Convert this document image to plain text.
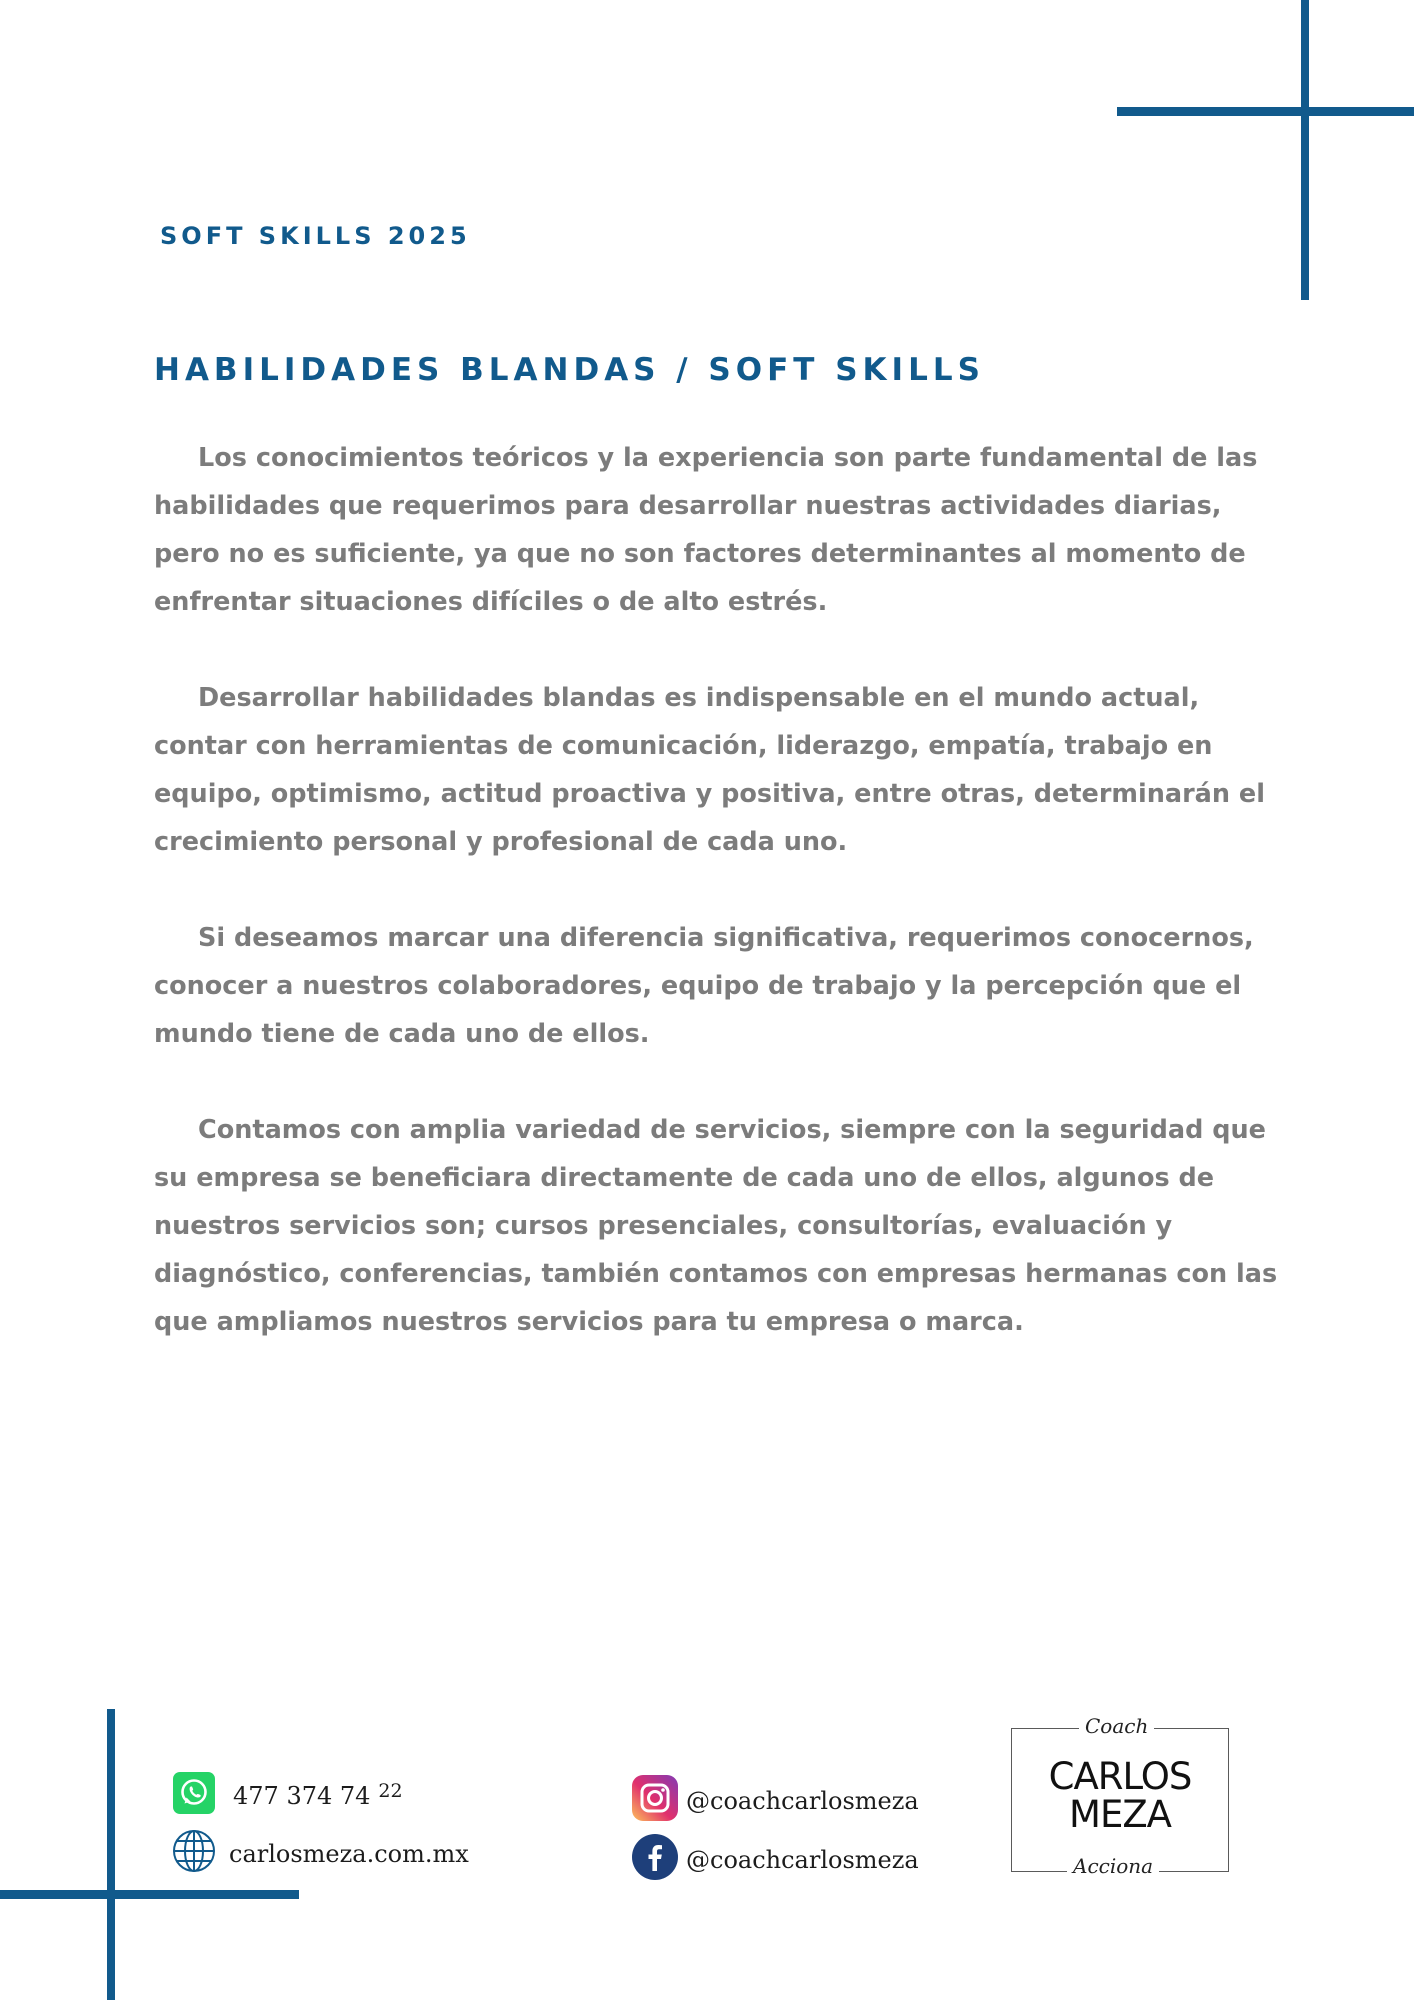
SOFT SKILLS 2025
HABILIDADES BLANDAS / SOFT SKILLS

Los conocimientos teóricos y la experiencia son parte fundamental de las habilidades que requerimos para desarrollar nuestras actividades diarias, pero no es suficiente, ya que no son factores determinantes al momento de enfrentar situaciones difíciles o de alto estrés.

Desarrollar habilidades blandas es indispensable en el mundo actual, contar con herramientas de comunicación, liderazgo, empatía, trabajo en equipo, optimismo, actitud proactiva y positiva, entre otras, determinarán el crecimiento personal y profesional de cada uno.

Si deseamos marcar una diferencia significativa, requerimos conocernos, conocer a nuestros colaboradores, equipo de trabajo y la percepción que el mundo tiene de cada uno de ellos.

Contamos con amplia variedad de servicios, siempre con la seguridad que su empresa se beneficiara directamente de cada uno de ellos, algunos de nuestros servicios son; cursos presenciales, consultorías, evaluación y diagnóstico, conferencias, también contamos con empresas hermanas con las que ampliamos nuestros servicios para tu empresa o marca.

477 374 74 22
carlosmeza.com.mx
@coachcarlosmeza
@coachcarlosmeza
Coach
CARLOS
MEZA
Acciona
